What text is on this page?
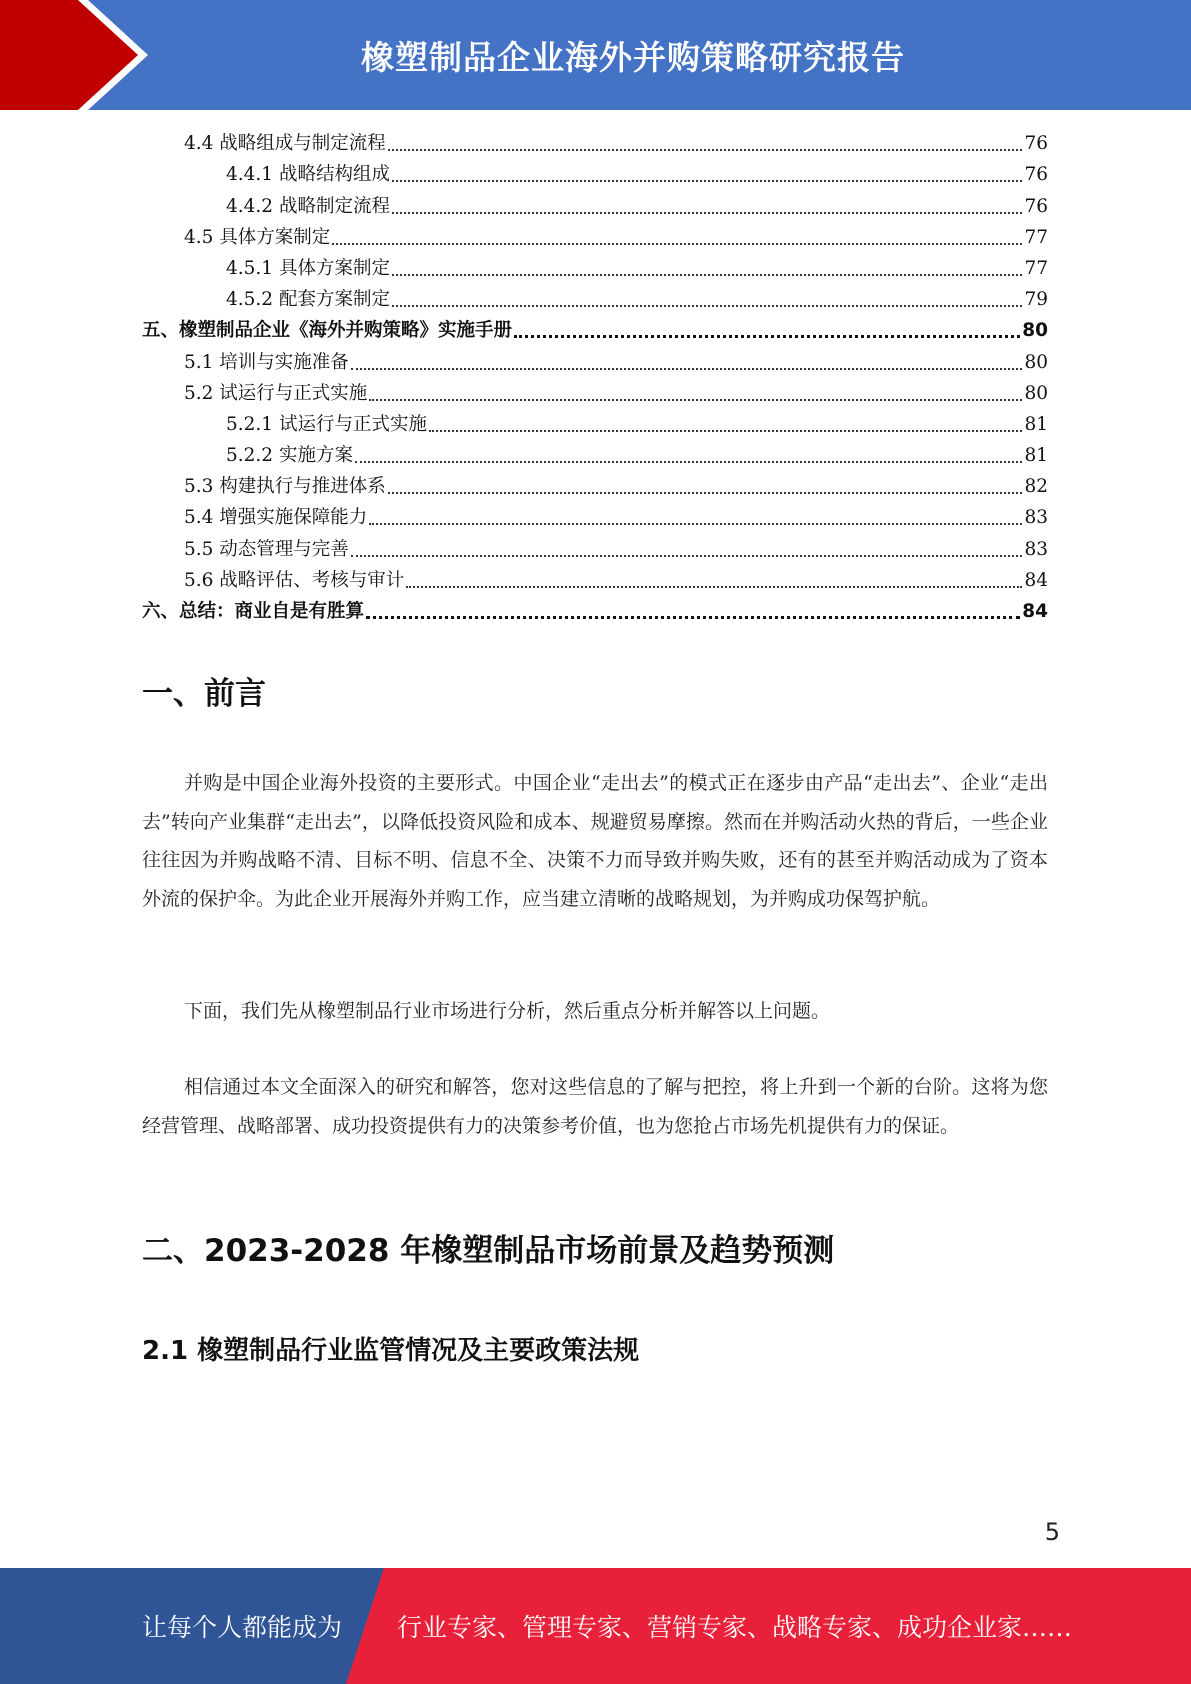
橡塑制品企业海外并购策略研究报告
4.4 战略组成与制定流程	76
4.4.1 战略结构组成	76
4.4.2 战略制定流程	76
4.5 具体方案制定	77
4.5.1 具体方案制定	77
4.5.2 配套方案制定	79
五、橡塑制品企业《海外并购策略》实施手册	80
5.1 培训与实施准备	80
5.2 试运行与正式实施	80
5.2.1 试运行与正式实施	81
5.2.2 实施方案	81
5.3 构建执行与推进体系	82
5.4 增强实施保障能力	83
5.5 动态管理与完善	83
5.6 战略评估、考核与审计	84
六、总结：商业自是有胜算	84
一、前言
并购是中国企业海外投资的主要形式。中国企业“走出去”的模式正在逐步由产品“走出去”、企业“走出去”转向产业集群“走出去”，以降低投资风险和成本、规避贸易摩擦。然而在并购活动火热的背后，一些企业往往因为并购战略不清、目标不明、信息不全、决策不力而导致并购失败，还有的甚至并购活动成为了资本外流的保护伞。为此企业开展海外并购工作，应当建立清晰的战略规划，为并购成功保驾护航。
下面，我们先从橡塑制品行业市场进行分析，然后重点分析并解答以上问题。
相信通过本文全面深入的研究和解答，您对这些信息的了解与把控，将上升到一个新的台阶。这将为您经营管理、战略部署、成功投资提供有力的决策参考价值，也为您抢占市场先机提供有力的保证。
二、2023-2028 年橡塑制品市场前景及趋势预测
2.1 橡塑制品行业监管情况及主要政策法规
5
让每个人都能成为 行业专家、管理专家、营销专家、战略专家、成功企业家……
